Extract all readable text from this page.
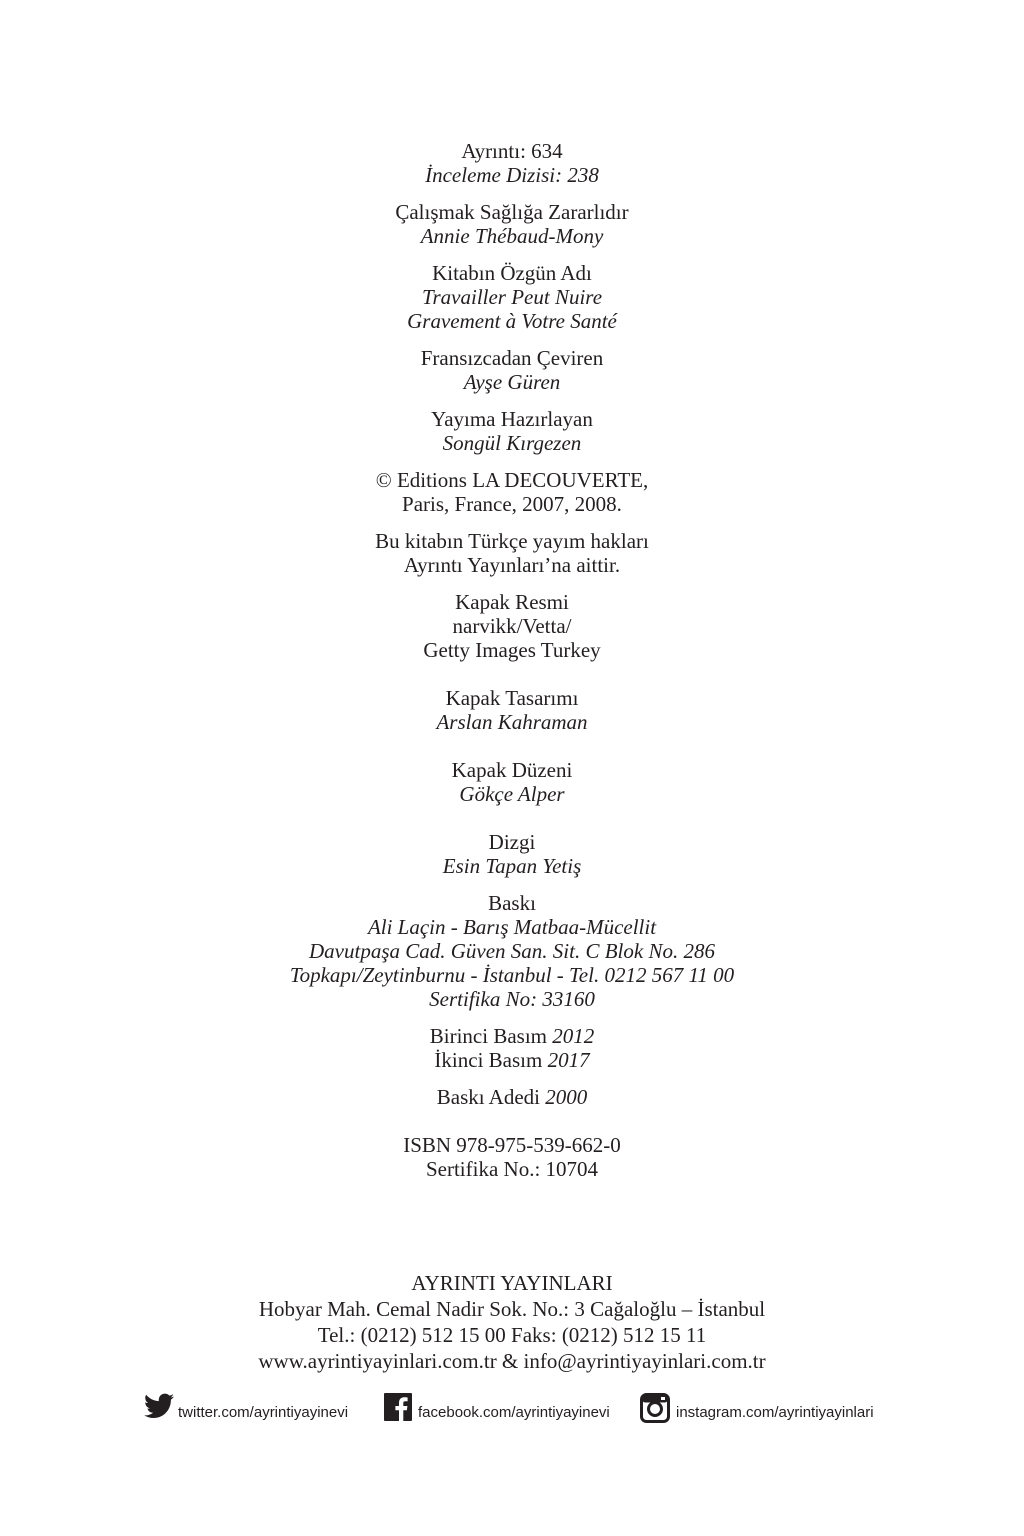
Ayrıntı: 634
İnceleme Dizisi: 238
Çalışmak Sağlığa Zararlıdır
Annie Thébaud-Mony
Kitabın Özgün Adı
Travailler Peut Nuire
Gravement à Votre Santé
Fransızcadan Çeviren
Ayşe Güren
Yayıma Hazırlayan
Songül Kırgezen
© Editions LA DECOUVERTE,
Paris, France, 2007, 2008.
Bu kitabın Türkçe yayım hakları
Ayrıntı Yayınları’na aittir.
Kapak Resmi
narvikk/Vetta/
Getty Images Turkey
Kapak Tasarımı
Arslan Kahraman
Kapak Düzeni
Gökçe Alper
Dizgi
Esin Tapan Yetiş
Baskı
Ali Laçin - Barış Matbaa-Mücellit
Davutpaşa Cad. Güven San. Sit. C Blok No. 286
Topkapı/Zeytinburnu - İstanbul - Tel. 0212 567 11 00
Sertifika No: 33160
Birinci Basım 2012
İkinci Basım 2017
Baskı Adedi 2000
ISBN 978-975-539-662-0
Sertifika No.: 10704
AYRINTI YAYINLARI
Hobyar Mah. Cemal Nadir Sok. No.: 3 Cağaloğlu – İstanbul
Tel.: (0212) 512 15 00 Faks: (0212) 512 15 11
www.ayrintiyayinlari.com.tr & info@ayrintiyayinlari.com.tr
twitter.com/ayrintiyayinevi	facebook.com/ayrintiyayinevi	instagram.com/ayrintiyayinlari
